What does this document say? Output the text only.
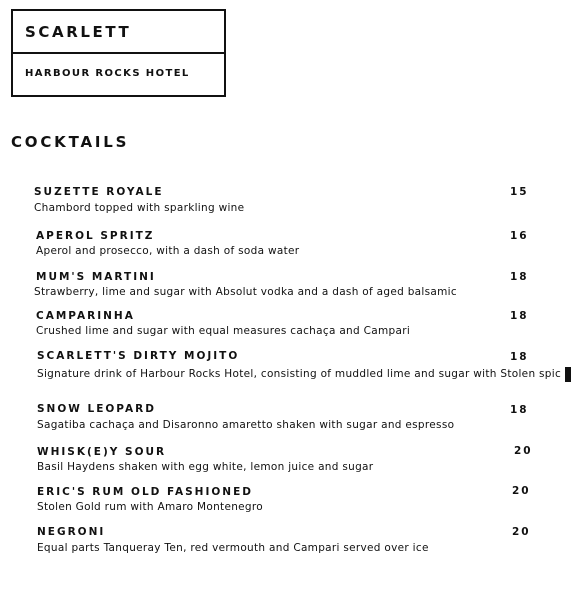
SCARLETT
HARBOUR ROCKS HOTEL
COCKTAILS
SUZETTE ROYALE
Chambord topped with sparkling wine
15
APEROL SPRITZ
Aperol and prosecco, with a dash of soda water
16
MUM'S MARTINI
Strawberry, lime and sugar with Absolut vodka and a dash of aged balsamic
18
CAMPARINHA
Crushed lime and sugar with equal measures cachaça and Campari
18
SCARLETT'S DIRTY MOJITO
Signature drink of Harbour Rocks Hotel, consisting of muddled lime and sugar with Stolen spic
18
SNOW LEOPARD
Sagatiba cachaça and Disaronno amaretto shaken with sugar and espresso
18
WHISK(E)Y SOUR
Basil Haydens shaken with egg white, lemon juice and sugar
20
ERIC'S RUM OLD FASHIONED
Stolen Gold rum with Amaro Montenegro
20
NEGRONI
Equal parts Tanqueray Ten, red vermouth and Campari served over ice
20
